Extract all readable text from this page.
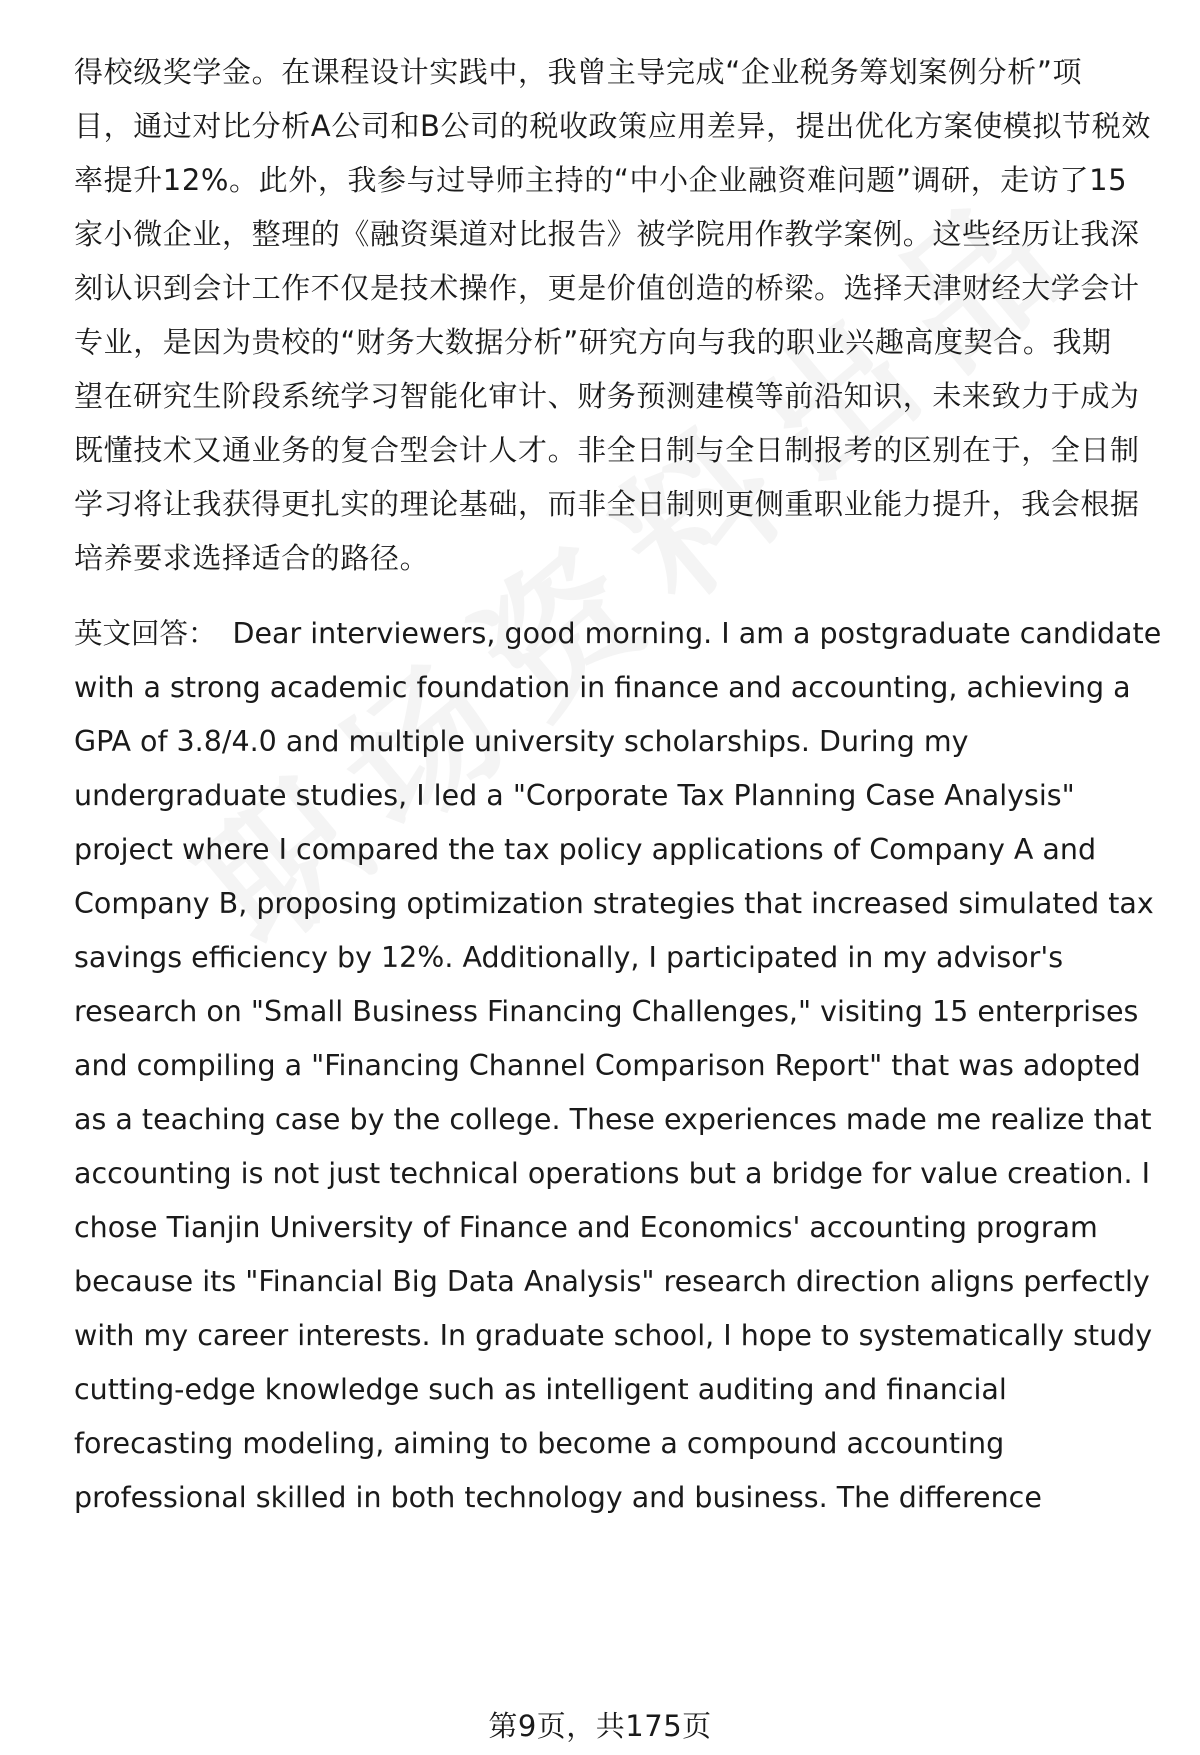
得校级奖学金。在课程设计实践中，我曾主导完成“企业税务筹划案例分析”项
目，通过对比分析A公司和B公司的税收政策应用差异，提出优化方案使模拟节税效
率提升12%。此外，我参与过导师主持的“中小企业融资难问题”调研，走访了15
家小微企业，整理的《融资渠道对比报告》被学院用作教学案例。这些经历让我深
刻认识到会计工作不仅是技术操作，更是价值创造的桥梁。选择天津财经大学会计
专业，是因为贵校的“财务大数据分析”研究方向与我的职业兴趣高度契合。我期
望在研究生阶段系统学习智能化审计、财务预测建模等前沿知识，未来致力于成为
既懂技术又通业务的复合型会计人才。非全日制与全日制报考的区别在于，全日制
学习将让我获得更扎实的理论基础，而非全日制则更侧重职业能力提升，我会根据
培养要求选择适合的路径。
英文回答： Dear interviewers, good morning. I am a postgraduate candidate
with a strong academic foundation in finance and accounting, achieving a
GPA of 3.8/4.0 and multiple university scholarships. During my
undergraduate studies, I led a "Corporate Tax Planning Case Analysis"
project where I compared the tax policy applications of Company A and
Company B, proposing optimization strategies that increased simulated tax
savings efficiency by 12%. Additionally, I participated in my advisor's
research on "Small Business Financing Challenges," visiting 15 enterprises
and compiling a "Financing Channel Comparison Report" that was adopted
as a teaching case by the college. These experiences made me realize that
accounting is not just technical operations but a bridge for value creation. I
chose Tianjin University of Finance and Economics' accounting program
because its "Financial Big Data Analysis" research direction aligns perfectly
with my career interests. In graduate school, I hope to systematically study
cutting-edge knowledge such as intelligent auditing and financial
forecasting modeling, aiming to become a compound accounting
professional skilled in both technology and business. The difference
第9页，共175页
